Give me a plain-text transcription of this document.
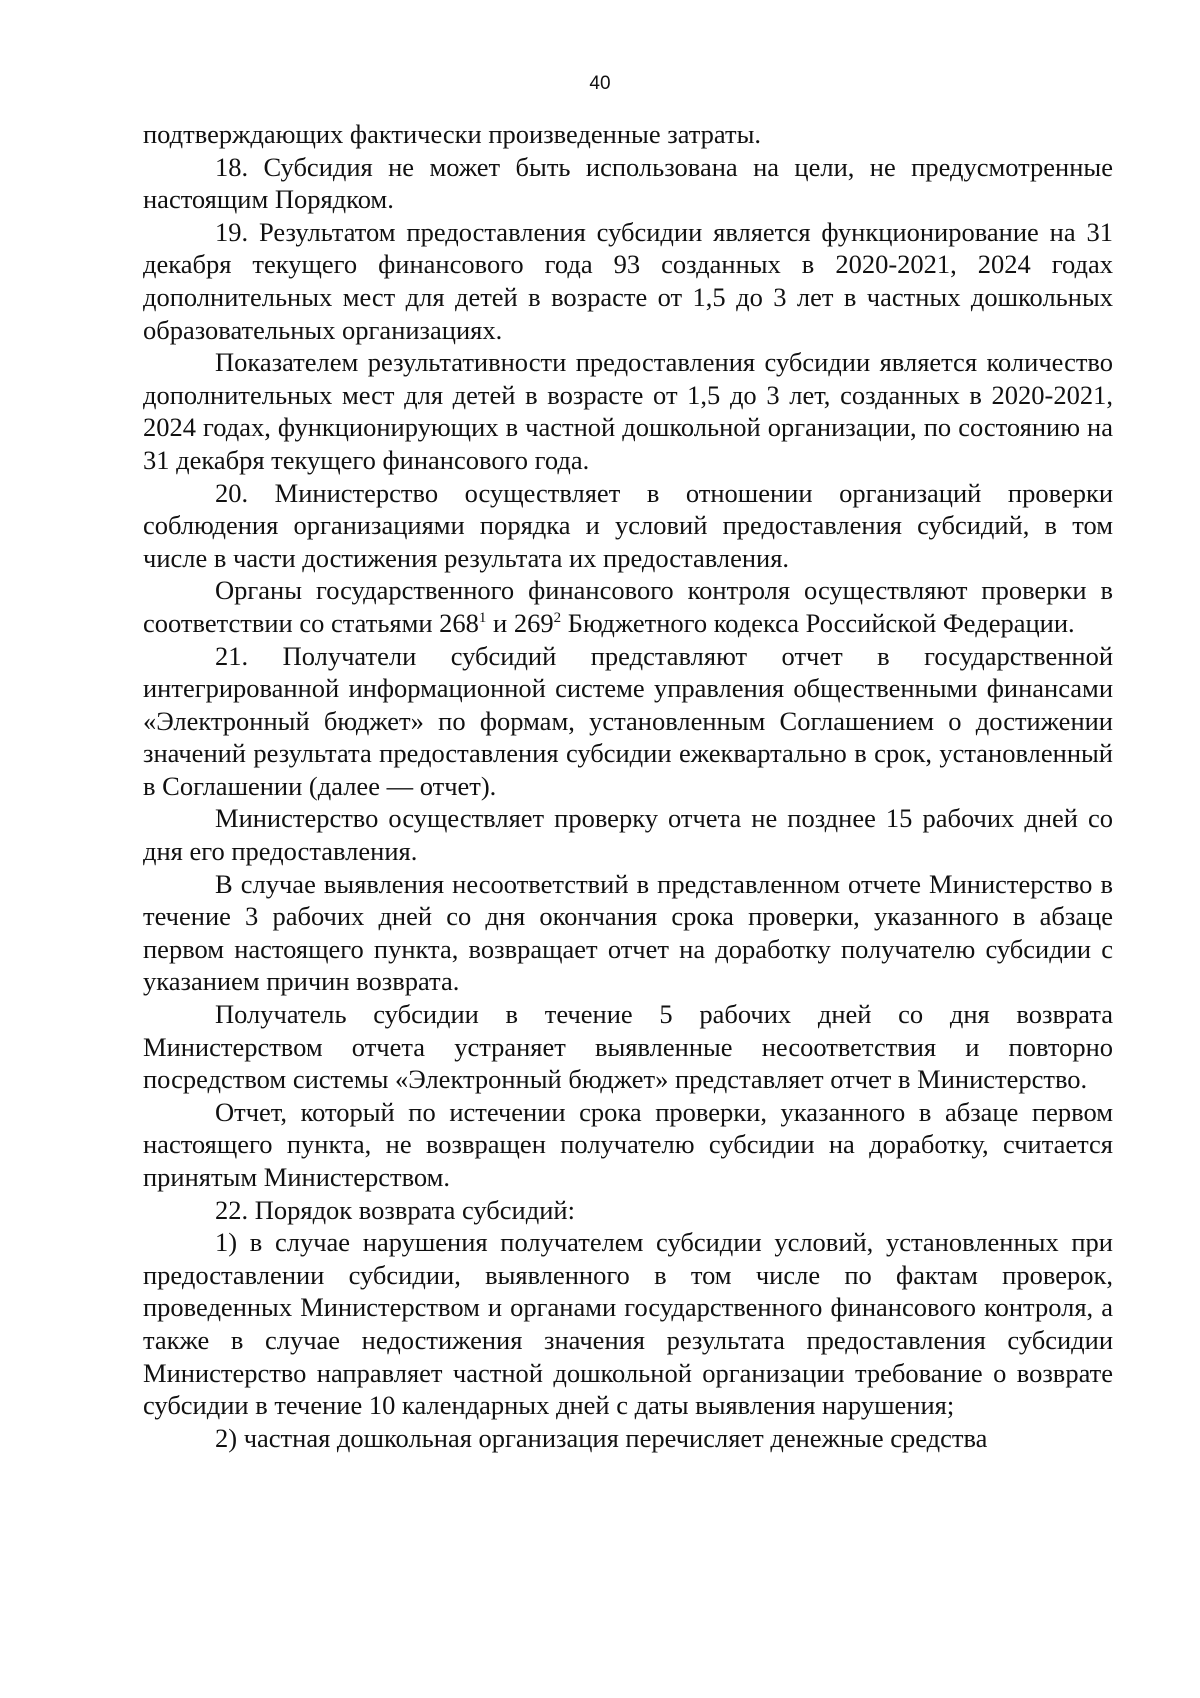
40

подтверждающих фактически произведенные затраты.

18. Субсидия не может быть использована на цели, не предусмотренные настоящим Порядком.

19. Результатом предоставления субсидии является функционирование на 31 декабря текущего финансового года 93 созданных в 2020-2021, 2024 годах дополнительных мест для детей в возрасте от 1,5 до 3 лет в частных дошкольных образовательных организациях.

Показателем результативности предоставления субсидии является количество дополнительных мест для детей в возрасте от 1,5 до 3 лет, созданных в 2020-2021, 2024 годах, функционирующих в частной дошкольной организации, по состоянию на 31 декабря текущего финансового года.

20. Министерство осуществляет в отношении организаций проверки соблюдения организациями порядка и условий предоставления субсидий, в том числе в части достижения результата их предоставления.

Органы государственного финансового контроля осуществляют проверки в соответствии со статьями $268^1$ и $269^2$ Бюджетного кодекса Российской Федерации.

21. Получатели субсидий представляют отчет в государственной интегрированной информационной системе управления общественными финансами «Электронный бюджет» по формам, установленным Соглашением о достижении значений результата предоставления субсидии ежеквартально в срок, установленный в Соглашении (далее — отчет).

Министерство осуществляет проверку отчета не позднее 15 рабочих дней со дня его предоставления.

В случае выявления несоответствий в представленном отчете Министерство в течение 3 рабочих дней со дня окончания срока проверки, указанного в абзаце первом настоящего пункта, возвращает отчет на доработку получателю субсидии с указанием причин возврата.

Получатель субсидии в течение 5 рабочих дней со дня возврата Министерством отчета устраняет выявленные несоответствия и повторно посредством системы «Электронный бюджет» представляет отчет в Министерство.

Отчет, который по истечении срока проверки, указанного в абзаце первом настоящего пункта, не возвращен получателю субсидии на доработку, считается принятым Министерством.

22. Порядок возврата субсидий:

1) в случае нарушения получателем субсидии условий, установленных при предоставлении субсидии, выявленного в том числе по фактам проверок, проведенных Министерством и органами государственного финансового контроля, а также в случае недостижения значения результата предоставления субсидии Министерство направляет частной дошкольной организации требование о возврате субсидии в течение 10 календарных дней с даты выявления нарушения;

2) частная дошкольная организация перечисляет денежные средства
